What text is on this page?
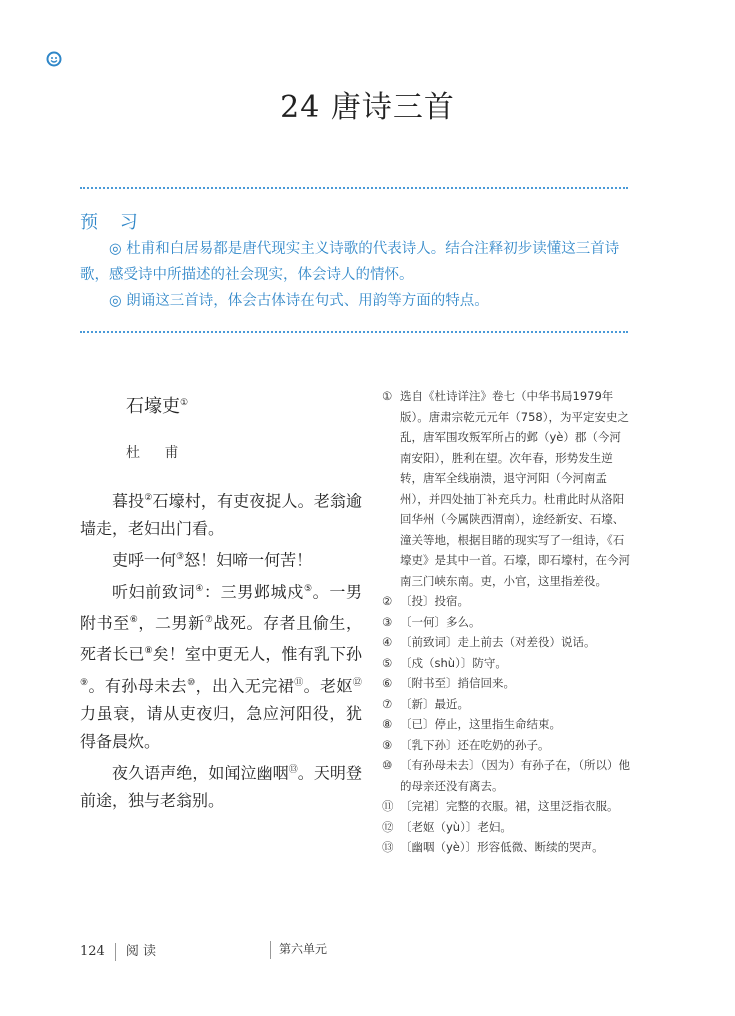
24 唐诗三首
预 习

◎ 杜甫和白居易都是唐代现实主义诗歌的代表诗人。结合注释初步读懂这三首诗歌，感受诗中所描述的社会现实，体会诗人的情怀。

◎ 朗诵这三首诗，体会古体诗在句式、用韵等方面的特点。

石壕吏①
杜 甫

暮投②石壕村，有吏夜捉人。老翁逾墙走，老妇出门看。

吏呼一何③怒！妇啼一何苦！

听妇前致词④：三男邺城戍⑤。一男附书至⑥，二男新⑦战死。存者且偷生，死者长已⑧矣！室中更无人，惟有乳下孙⑨。有孙母未去⑩，出入无完裙⑪。老妪⑫力虽衰，请从吏夜归，急应河阳役，犹得备晨炊。

夜久语声绝，如闻泣幽咽⑬。天明登前途，独与老翁别。

① 选自《杜诗详注》卷七（中华书局1979年版）。唐肃宗乾元元年（758），为平定安史之乱，唐军围攻叛军所占的邺（yè）郡（今河南安阳），胜利在望。次年春，形势发生逆转，唐军全线崩溃，退守河阳（今河南孟州），并四处抽丁补充兵力。杜甫此时从洛阳回华州（今属陕西渭南），途经新安、石壕、潼关等地，根据目睹的现实写了一组诗，《石壕吏》是其中一首。石壕，即石壕村，在今河南三门峡东南。吏，小官，这里指差役。
② 〔投〕投宿。
③ 〔一何〕多么。
④ 〔前致词〕走上前去（对差役）说话。
⑤ 〔戍（shù）〕防守。
⑥ 〔附书至〕捎信回来。
⑦ 〔新〕最近。
⑧ 〔已〕停止，这里指生命结束。
⑨ 〔乳下孙〕还在吃奶的孙子。
⑩ 〔有孙母未去〕（因为）有孙子在，（所以）他的母亲还没有离去。
⑪ 〔完裙〕完整的衣服。裙，这里泛指衣服。
⑫ 〔老妪（yù）〕老妇。
⑬ 〔幽咽（yè）〕形容低微、断续的哭声。
124 阅 读	第六单元
